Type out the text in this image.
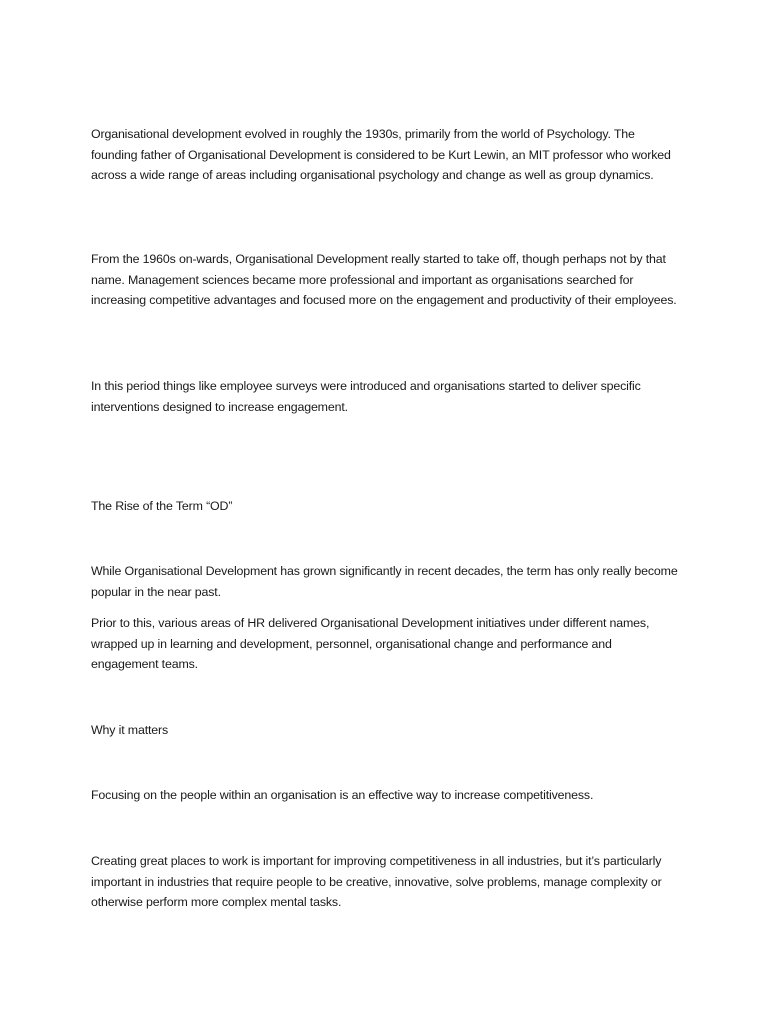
Organisational development evolved in roughly the 1930s, primarily from the world of Psychology. The founding father of Organisational Development is considered to be Kurt Lewin, an MIT professor who worked across a wide range of areas including organisational psychology and change as well as group dynamics.

From the 1960s on-wards, Organisational Development really started to take off, though perhaps not by that name. Management sciences became more professional and important as organisations searched for increasing competitive advantages and focused more on the engagement and productivity of their employees.

In this period things like employee surveys were introduced and organisations started to deliver specific interventions designed to increase engagement.

The Rise of the Term “OD”

While Organisational Development has grown significantly in recent decades, the term has only really become popular in the near past.

Prior to this, various areas of HR delivered Organisational Development initiatives under different names, wrapped up in learning and development, personnel, organisational change and performance and engagement teams.

Why it matters

Focusing on the people within an organisation is an effective way to increase competitiveness.

Creating great places to work is important for improving competitiveness in all industries, but it’s particularly important in industries that require people to be creative, innovative, solve problems, manage complexity or otherwise perform more complex mental tasks.
